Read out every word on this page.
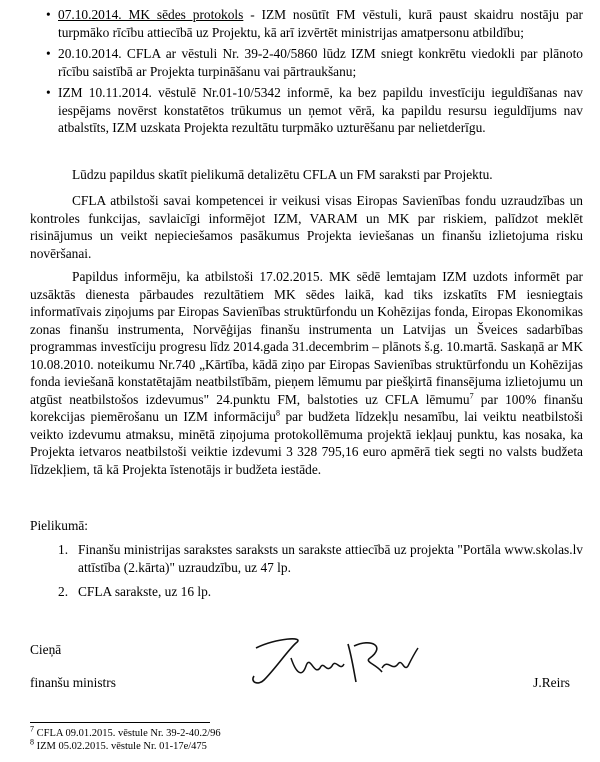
• 07.10.2014. MK sēdes protokols - IZM nosūtīt FM vēstuli, kurā paust skaidru nostāju par turpmāko rīcību attiecībā uz Projektu, kā arī izvērtēt ministrijas amatpersonu atbildību;
• 20.10.2014. CFLA ar vēstuli Nr. 39-2-40/5860 lūdz IZM sniegt konkrētu viedokli par plānoto rīcību saistībā ar Projekta turpināšanu vai pārtraukšanu;
• IZM 10.11.2014. vēstulē Nr.01-10/5342 informē, ka bez papildu investīciju ieguldīšanas nav iespējams novērst konstatētos trūkumus un ņemot vērā, ka papildu resursu ieguldījums nav atbalstīts, IZM uzskata Projekta rezultātu turpmāko uzturēšanu par nelietderīgu.

Lūdzu papildus skatīt pielikumā detalizētu CFLA un FM saraksti par Projektu.

CFLA atbilstoši savai kompetencei ir veikusi visas Eiropas Savienības fondu uzraudzības un kontroles funkcijas, savlaicīgi informējot IZM, VARAM un MK par riskiem, palīdzot meklēt risinājumus un veikt nepieciešamos pasākumus Projekta ieviešanas un finanšu izlietojuma risku novēršanai.

Papildus informēju, ka atbilstoši 17.02.2015. MK sēdē lemtajam IZM uzdots informēt par uzsāktās dienesta pārbaudes rezultātiem MK sēdes laikā, kad tiks izskatīts FM iesniegtais informatīvais ziņojums par Eiropas Savienības struktūrfondu un Kohēzijas fonda, Eiropas Ekonomikas zonas finanšu instrumenta, Norvēģijas finanšu instrumenta un Latvijas un Šveices sadarbības programmas investīciju progresu līdz 2014.gada 31.decembrim – plānots š.g. 10.martā. Saskaņā ar MK 10.08.2010. noteikumu Nr.740 „Kārtība, kādā ziņo par Eiropas Savienības struktūrfondu un Kohēzijas fonda ieviešanā konstatētajām neatbilstībām, pieņem lēmumu par piešķirtā finansējuma izlietojumu un atgūst neatbilstošos izdevumus" 24.punktu FM, balstoties uz CFLA lēmumu$^7$ par 100% finanšu korekcijas piemērošanu un IZM informāciju$^8$ par budžeta līdzekļu nesamību, lai veiktu neatbilstoši veikto izdevumu atmaksu, minētā ziņojuma protokollēmuma projektā iekļauj punktu, kas nosaka, ka Projekta ietvaros neatbilstoši veiktie izdevumi 3 328 795,16 euro apmērā tiek segti no valsts budžeta līdzekļiem, tā kā Projekta īstenotājs ir budžeta iestāde.

Pielikumā:
1. Finanšu ministrijas sarakstes saraksts un sarakste attiecībā uz projekta "Portāla www.skolas.lv attīstība (2.kārta)" uzraudzību, uz 47 lp.
2. CFLA sarakste, uz 16 lp.
Cieņā
finanšu ministrs	J.Reirs
$^7$ CFLA 09.01.2015. vēstule Nr. 39-2-40.2/96
$^8$ IZM 05.02.2015. vēstule Nr. 01-17e/475
